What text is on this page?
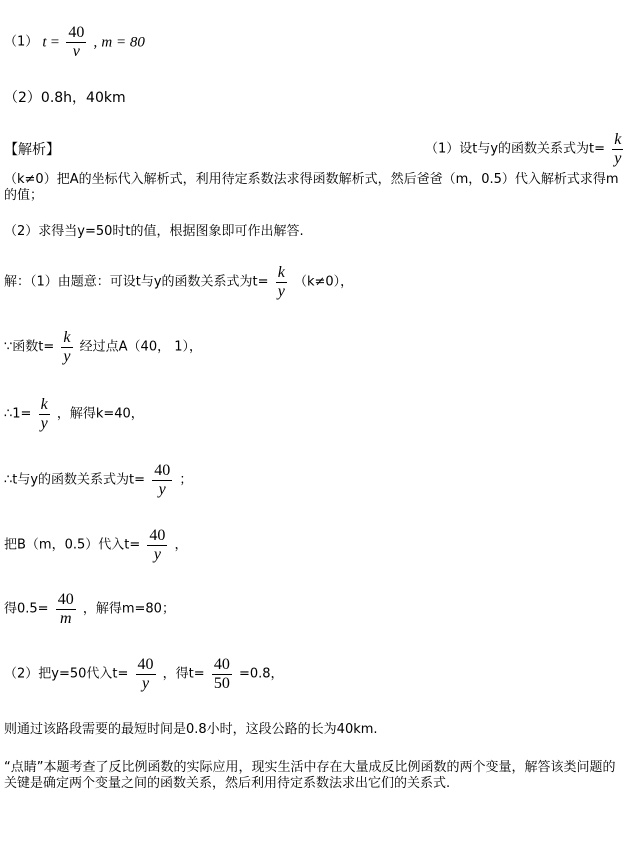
（1） $t = \frac{40}{v}$ , m = 80
（2）0.8h，40km
【解析】	（1）设t与y的函数关系式为$t= \frac{k}{y}$
（k≠0）把A的坐标代入解析式，利用待定系数法求得函数解析式，然后爸爸（m，0.5）代入解析式求得m的值；
（2）求得当y=50时t的值，根据图象即可作出解答.
解：（1）由题意：可设t与y的函数关系式为$t= \frac{k}{y} (k\ne 0)$，
∵函数$t= \frac{k}{y}$ 经过点A（40， 1），
∴1= $\frac{k}{y}$ ，解得k=40，
∴t与y的函数关系式为$t= \frac{40}{y}$ ；
把B（m，0.5）代入$t= \frac{40}{y}$ ，
得$0.5= \frac{40}{m}$ ，解得m=80；
（2）把y=50代入$t= \frac{40}{y}$ ，得$t= \frac{40}{50} =0.8$，
则通过该路段需要的最短时间是0.8小时，这段公路的长为40km.
“点睛”本题考查了反比例函数的实际应用，现实生活中存在大量成反比例函数的两个变量，解答该类问题的关键是确定两个变量之间的函数关系，然后利用待定系数法求出它们的关系式.
